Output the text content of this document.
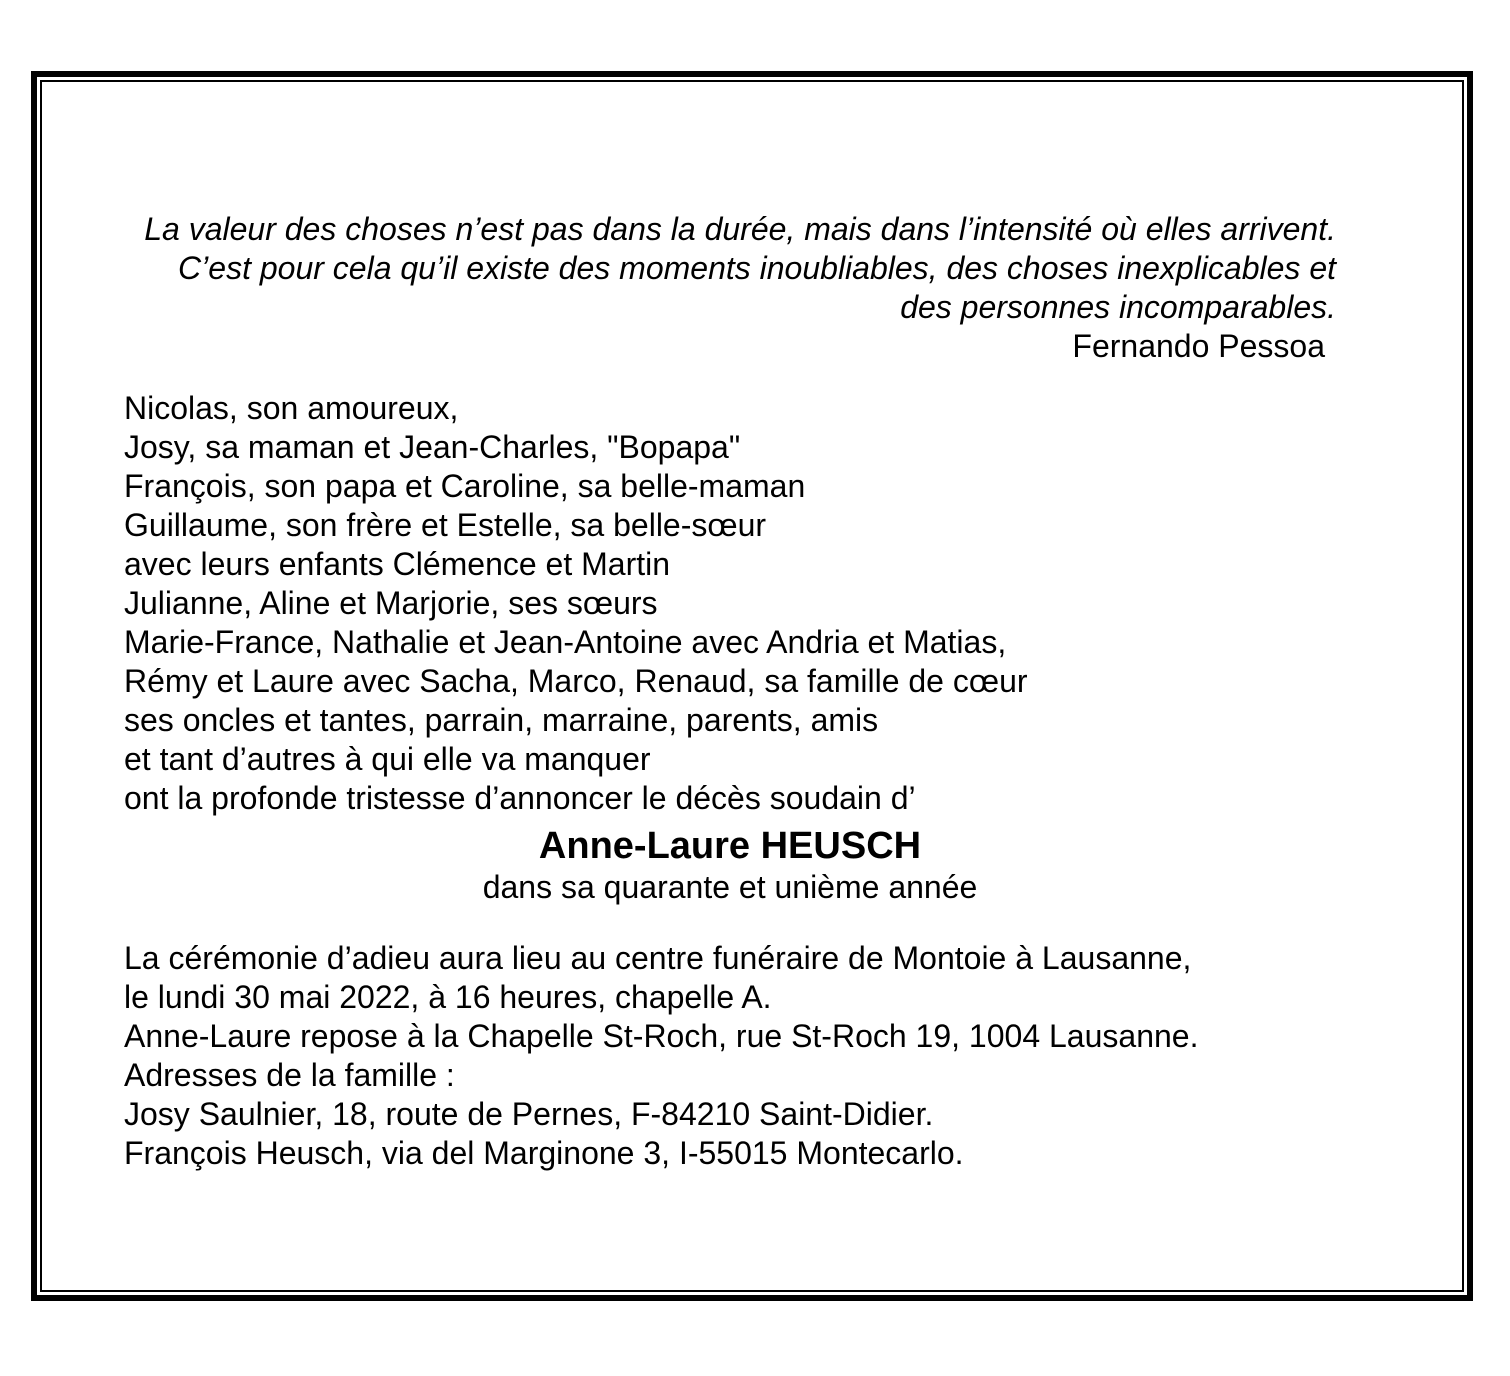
La valeur des choses n’est pas dans la durée, mais dans l’intensité où elles arrivent.
C’est pour cela qu’il existe des moments inoubliables, des choses inexplicables et
des personnes incomparables.
Fernando Pessoa
Nicolas, son amoureux,
Josy, sa maman et Jean-Charles, "Bopapa"
François, son papa et Caroline, sa belle-maman
Guillaume, son frère et Estelle, sa belle-sœur
avec leurs enfants Clémence et Martin
Julianne, Aline et Marjorie, ses sœurs
Marie-France, Nathalie et Jean-Antoine avec Andria et Matias,
Rémy et Laure avec Sacha, Marco, Renaud, sa famille de cœur
ses oncles et tantes, parrain, marraine, parents, amis
et tant d’autres à qui elle va manquer
ont la profonde tristesse d’annoncer le décès soudain d’
Anne-Laure HEUSCH
dans sa quarante et unième année
La cérémonie d’adieu aura lieu au centre funéraire de Montoie à Lausanne,
le lundi 30 mai 2022, à 16 heures, chapelle A.
Anne-Laure repose à la Chapelle St-Roch, rue St-Roch 19, 1004 Lausanne.
Adresses de la famille :
Josy Saulnier, 18, route de Pernes, F-84210 Saint-Didier.
François Heusch, via del Marginone 3, I-55015 Montecarlo.
